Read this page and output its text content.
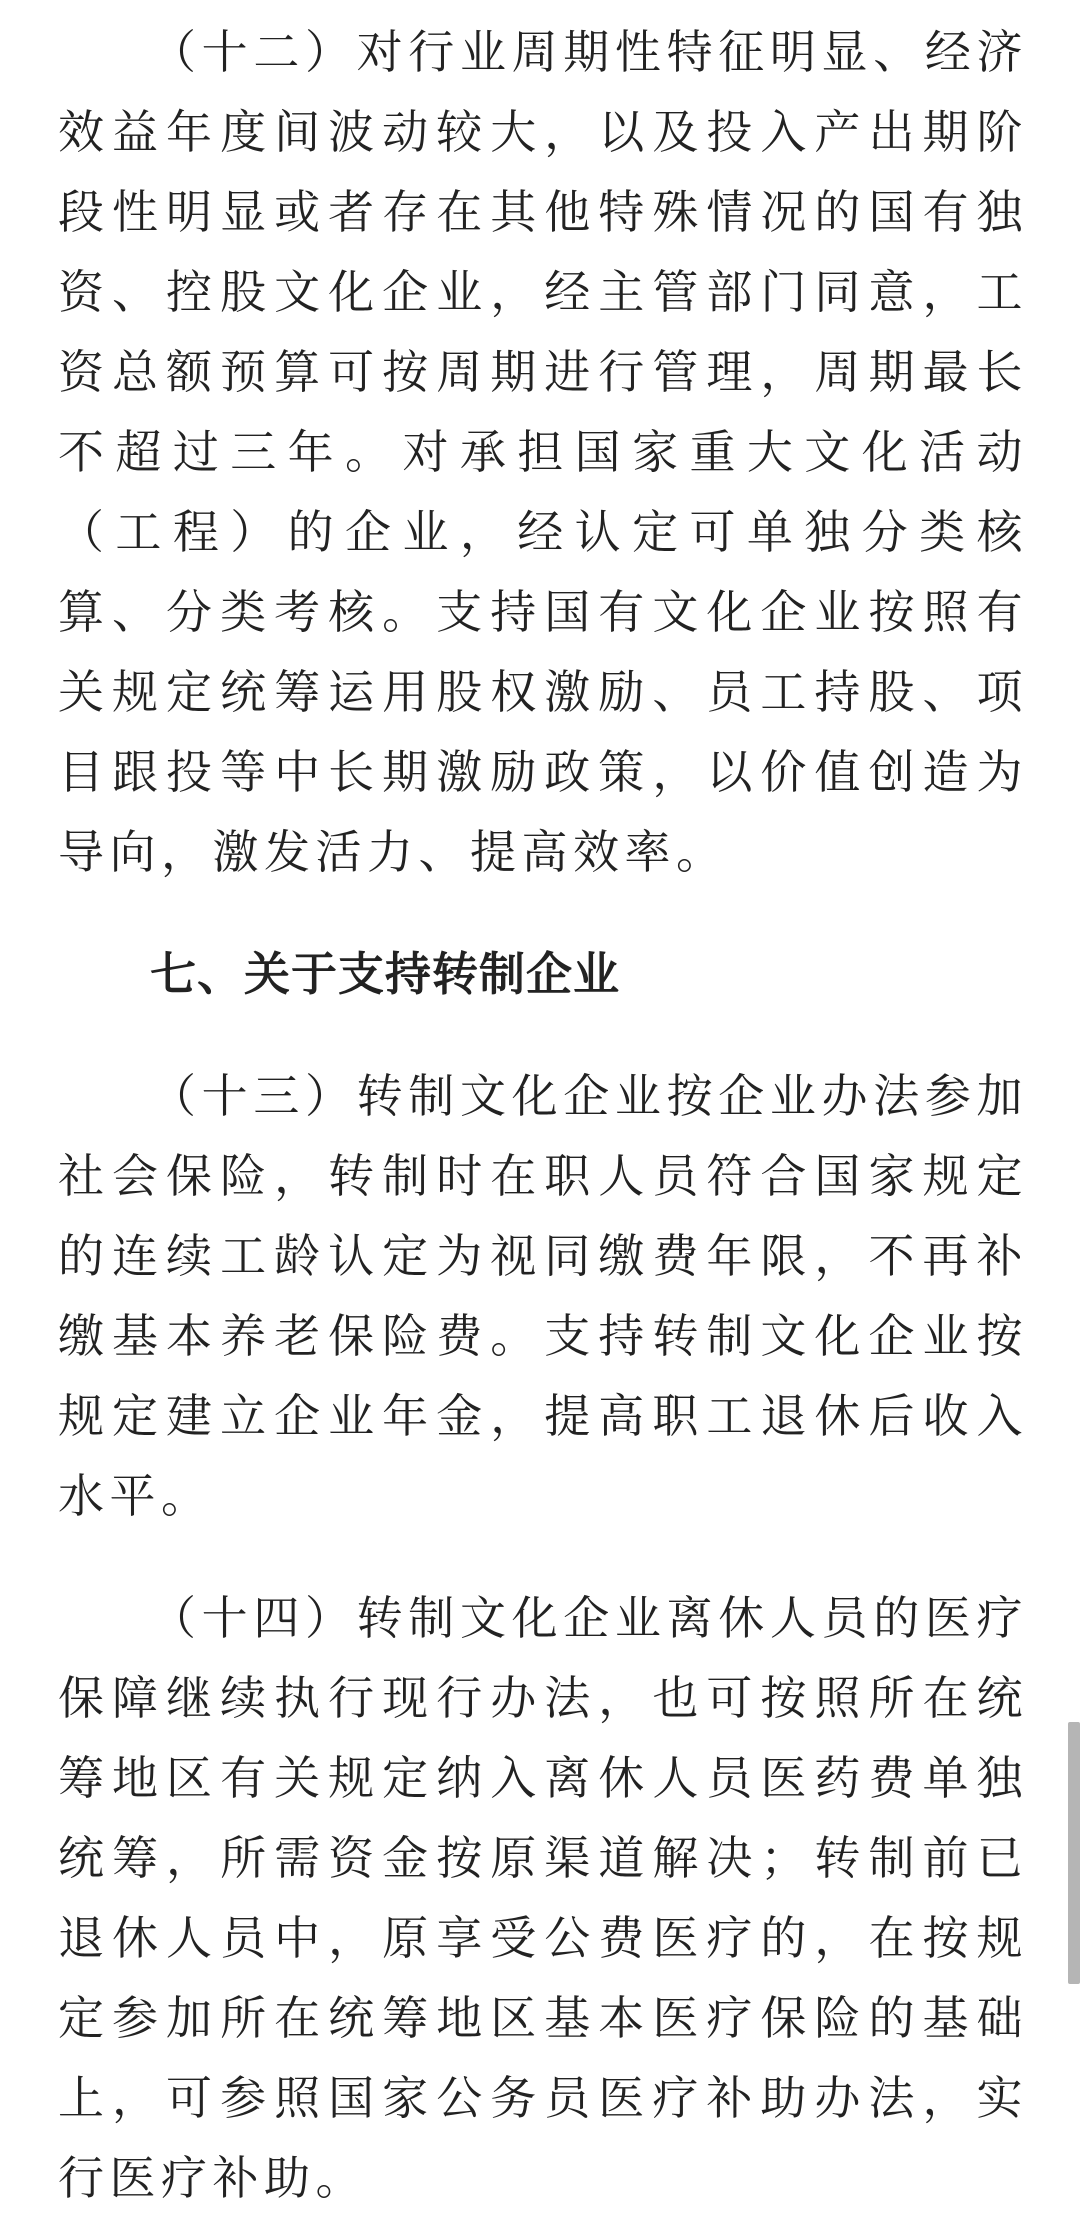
（十二）对行业周期性特征明显、经济效益年度间波动较大，以及投入产出期阶段性明显或者存在其他特殊情况的国有独资、控股文化企业，经主管部门同意，工资总额预算可按周期进行管理，周期最长不超过三年。对承担国家重大文化活动（工程）的企业，经认定可单独分类核算、分类考核。支持国有文化企业按照有关规定统筹运用股权激励、员工持股、项目跟投等中长期激励政策，以价值创造为导向，激发活力、提高效率。

七、关于支持转制企业

（十三）转制文化企业按企业办法参加社会保险，转制时在职人员符合国家规定的连续工龄认定为视同缴费年限，不再补缴基本养老保险费。支持转制文化企业按规定建立企业年金，提高职工退休后收入水平。

（十四）转制文化企业离休人员的医疗保障继续执行现行办法，也可按照所在统筹地区有关规定纳入离休人员医药费单独统筹，所需资金按原渠道解决；转制前已退休人员中，原享受公费医疗的，在按规定参加所在统筹地区基本医疗保险的基础上，可参照国家公务员医疗补助办法，实行医疗补助。
